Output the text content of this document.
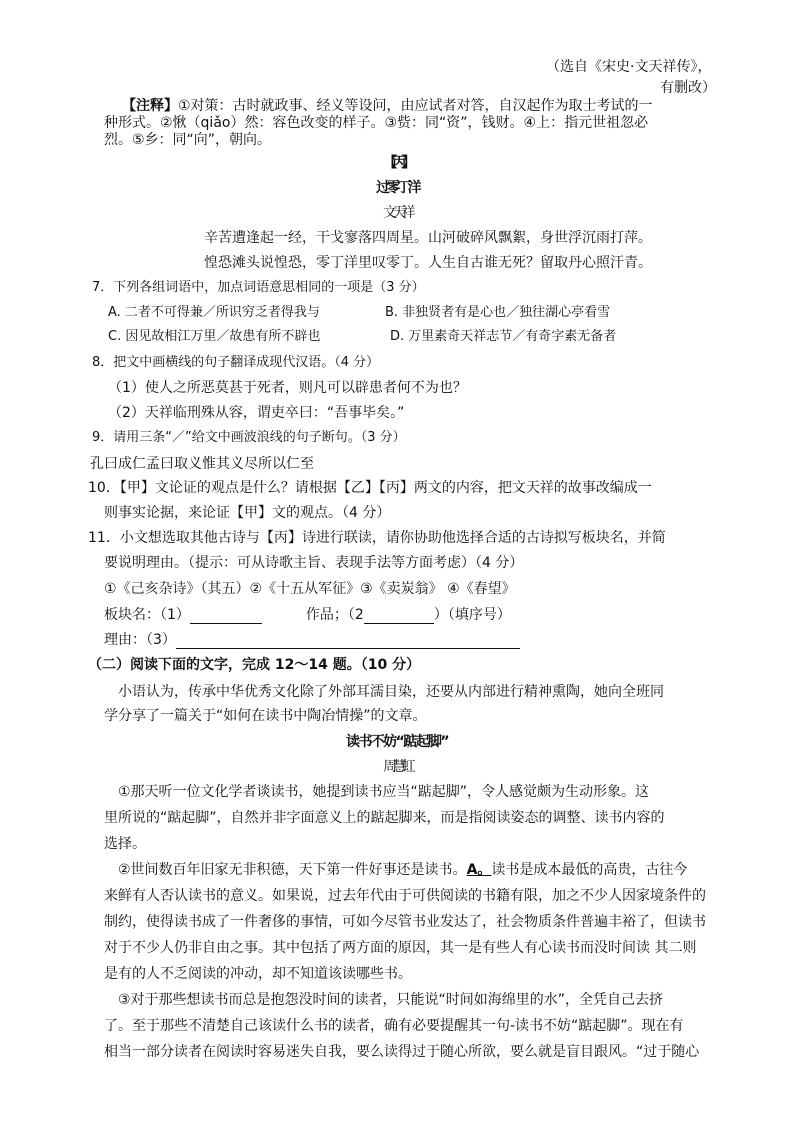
（选自《宋史·文天祥传》，
有删改）
【注释】①对策：古时就政事、经义等设问，由应试者对答，自汉起作为取士考试的一
种形式。②愀（qiǎo）然：容色改变的样子。③赀：同“资”，钱财。④上：指元世祖忽必
烈。⑤乡：同“向”，朝向。
【丙】
过零丁洋
文天祥
辛苦遭逢起一经，干戈寥落四周星。山河破碎风飘絮，身世浮沉雨打萍。
惶恐滩头说惶恐，零丁洋里叹零丁。人生自古谁无死？留取丹心照汗青。
7．下列各组词语中，加点词语意思相同的一项是（3 分）
A. 二者不可得兼／所识穷乏者得我与	B. 非独贤者有是心也／独往湖心亭看雪
C. 因见故相江万里／故患有所不辟也	D. 万里素奇天祥志节／有奇字素无备者
8．把文中画横线的句子翻译成现代汉语。（4 分）
（1）使人之所恶莫甚于死者，则凡可以辟患者何不为也？
（2）天祥临刑殊从容，谓吏卒曰：“吾事毕矣。”
9．请用三条“／”给文中画波浪线的句子断句。（3 分）
孔曰成仁孟曰取义惟其义尽所以仁至
10．【甲】文论证的观点是什么？请根据【乙】【丙】两文的内容，把文天祥的故事改编成一
则事实论据，来论证【甲】文的观点。（4 分）
11．小文想选取其他古诗与【丙】诗进行联读，请你协助他选择合适的古诗拟写板块名，并简
要说明理由。（提示：可从诗歌主旨、表现手法等方面考虑）（4 分）
①《己亥杂诗》（其五）②《十五从军征》③《卖炭翁》 ④《春望》
板块名：（1）	作品；（2	）（填序号）
理由：（3）
（二）阅读下面的文字，完成 12～14 题。（10 分）
小语认为，传承中华优秀文化除了外部耳濡目染，还要从内部进行精神熏陶，她向全班同
学分享了一篇关于“如何在读书中陶冶情操”的文章。
读书不妨“踮起脚”
周慧虹
①那天听一位文化学者谈读书，她提到读书应当“踮起脚”，令人感觉颇为生动形象。这
里所说的“踮起脚”，自然并非字面意义上的踮起脚来，而是指阅读姿态的调整、读书内容的
选择。
②世间数百年旧家无非积德，天下第一件好事还是读书。A。读书是成本最低的高贵，古往今
来鲜有人否认读书的意义。如果说，过去年代由于可供阅读的书籍有限，加之不少人因家境条件的
制约，使得读书成了一件奢侈的事情，可如今尽管书业发达了，社会物质条件普遍丰裕了，但读书
对于不少人仍非自由之事。其中包括了两方面的原因，其一是有些人有心读书而没时间读 其二则
是有的人不乏阅读的冲动，却不知道该读哪些书。
③对于那些想读书而总是抱怨没时间的读者，只能说“时间如海绵里的水”，全凭自己去挤
了。至于那些不清楚自己该读什么书的读者，确有必要提醒其一句-读书不妨“踮起脚”。现在有
相当一部分读者在阅读时容易迷失自我，要么读得过于随心所欲，要么就是盲目跟风。“过于随心
